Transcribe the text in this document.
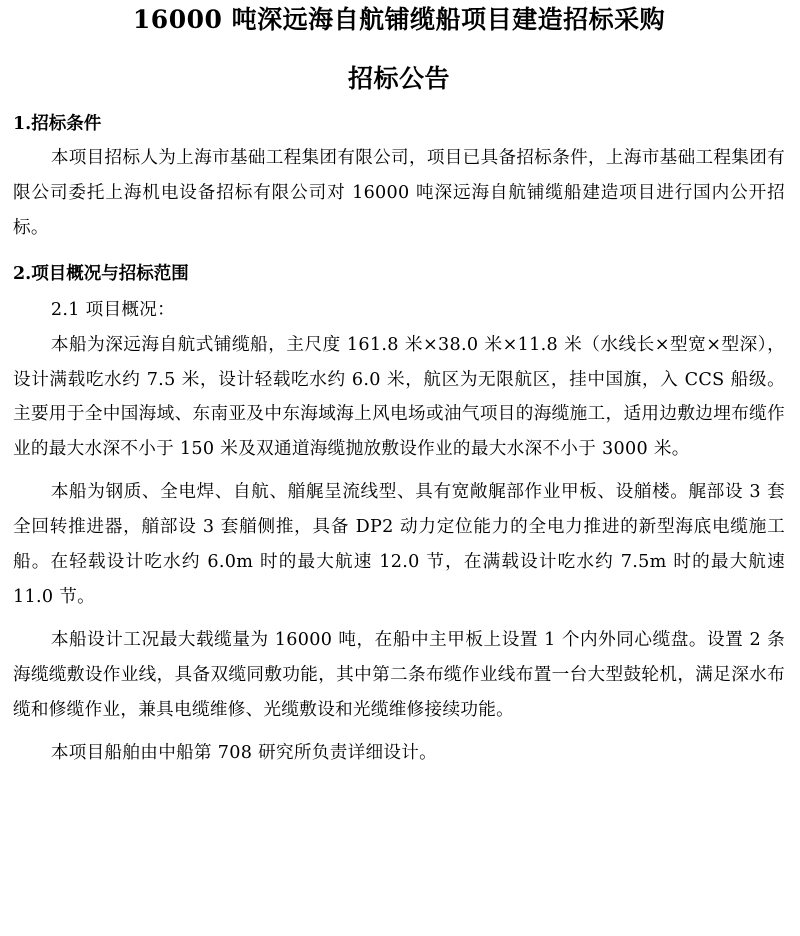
16000 吨深远海自航铺缆船项目建造招标采购
招标公告
1.招标条件

本项目招标人为上海市基础工程集团有限公司，项目已具备招标条件，上海市基础工程集团有限公司委托上海机电设备招标有限公司对 16000 吨深远海自航铺缆船建造项目进行国内公开招标。

2.项目概况与招标范围

2.1 项目概况：

本船为深远海自航式铺缆船，主尺度 161.8 米×38.0 米×11.8 米（水线长×型宽×型深），设计满载吃水约 7.5 米，设计轻载吃水约 6.0 米，航区为无限航区，挂中国旗，入 CCS 船级。主要用于全中国海域、东南亚及中东海域海上风电场或油气项目的海缆施工，适用边敷边埋布缆作业的最大水深不小于 150 米及双通道海缆抛放敷设作业的最大水深不小于 3000 米。

本船为钢质、全电焊、自航、艏艉呈流线型、具有宽敞艉部作业甲板、设艏楼。艉部设 3 套全回转推进器，艏部设 3 套艏侧推，具备 DP2 动力定位能力的全电力推进的新型海底电缆施工船。在轻载设计吃水约 6.0m 时的最大航速 12.0 节，在满载设计吃水约 7.5m 时的最大航速 11.0 节。

本船设计工况最大载缆量为 16000 吨，在船中主甲板上设置 1 个内外同心缆盘。设置 2 条海缆缆敷设作业线，具备双缆同敷功能，其中第二条布缆作业线布置一台大型鼓轮机，满足深水布缆和修缆作业，兼具电缆维修、光缆敷设和光缆维修接续功能。

本项目船舶由中船第 708 研究所负责详细设计。
